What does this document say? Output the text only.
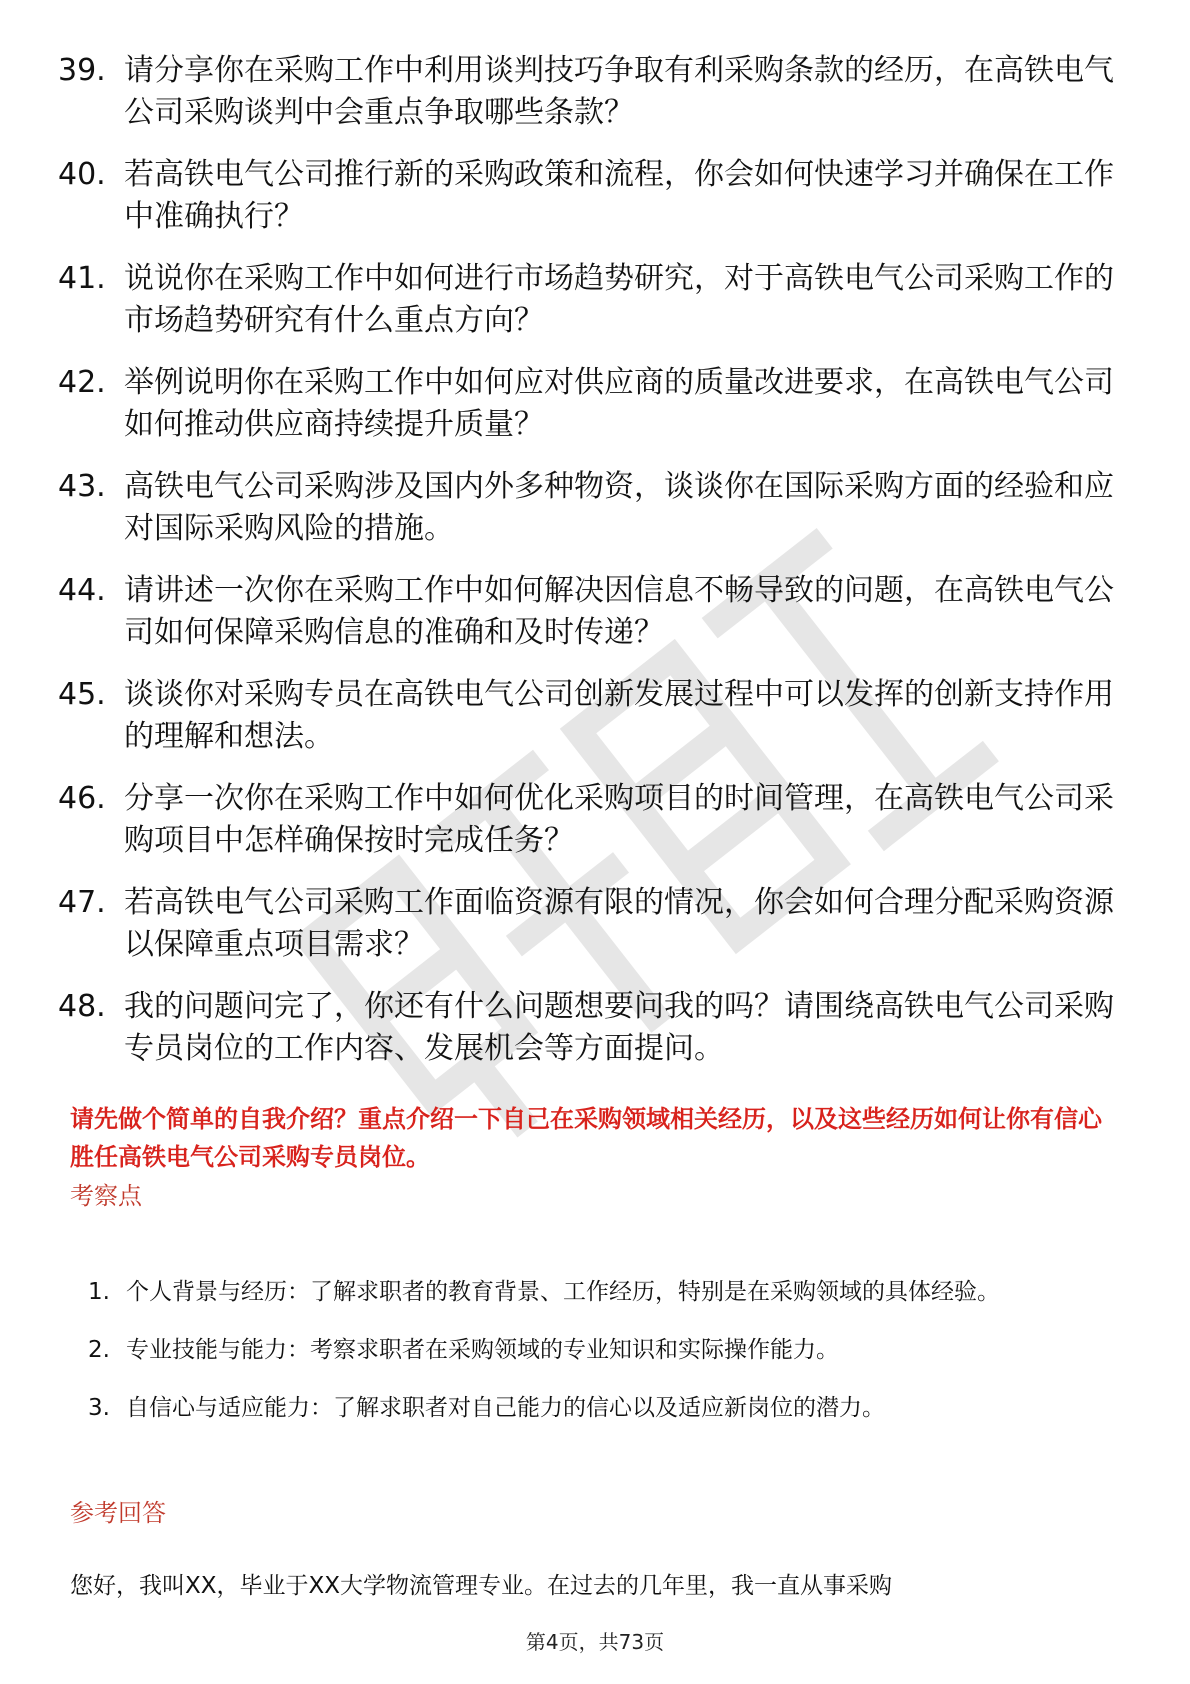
39. 请分享你在采购工作中利用谈判技巧争取有利采购条款的经历，在高铁电气公司采购谈判中会重点争取哪些条款？
40. 若高铁电气公司推行新的采购政策和流程，你会如何快速学习并确保在工作中准确执行？
41. 说说你在采购工作中如何进行市场趋势研究，对于高铁电气公司采购工作的市场趋势研究有什么重点方向？
42. 举例说明你在采购工作中如何应对供应商的质量改进要求，在高铁电气公司如何推动供应商持续提升质量？
43. 高铁电气公司采购涉及国内外多种物资，谈谈你在国际采购方面的经验和应对国际采购风险的措施。
44. 请讲述一次你在采购工作中如何解决因信息不畅导致的问题，在高铁电气公司如何保障采购信息的准确和及时传递？
45. 谈谈你对采购专员在高铁电气公司创新发展过程中可以发挥的创新支持作用的理解和想法。
46. 分享一次你在采购工作中如何优化采购项目的时间管理，在高铁电气公司采购项目中怎样确保按时完成任务？
47. 若高铁电气公司采购工作面临资源有限的情况，你会如何合理分配采购资源以保障重点项目需求？
48. 我的问题问完了，你还有什么问题想要问我的吗？请围绕高铁电气公司采购专员岗位的工作内容、发展机会等方面提问。

请先做个简单的自我介绍？重点介绍一下自己在采购领域相关经历，以及这些经历如何让你有信心胜任高铁电气公司采购专员岗位。

考察点
1. 个人背景与经历：了解求职者的教育背景、工作经历，特别是在采购领域的具体经验。
2. 专业技能与能力：考察求职者在采购领域的专业知识和实际操作能力。
3. 自信心与适应能力：了解求职者对自己能力的信心以及适应新岗位的潜力。
参考回答

您好，我叫XX，毕业于XX大学物流管理专业。在过去的几年里，我一直从事采购

第4页，共73页
